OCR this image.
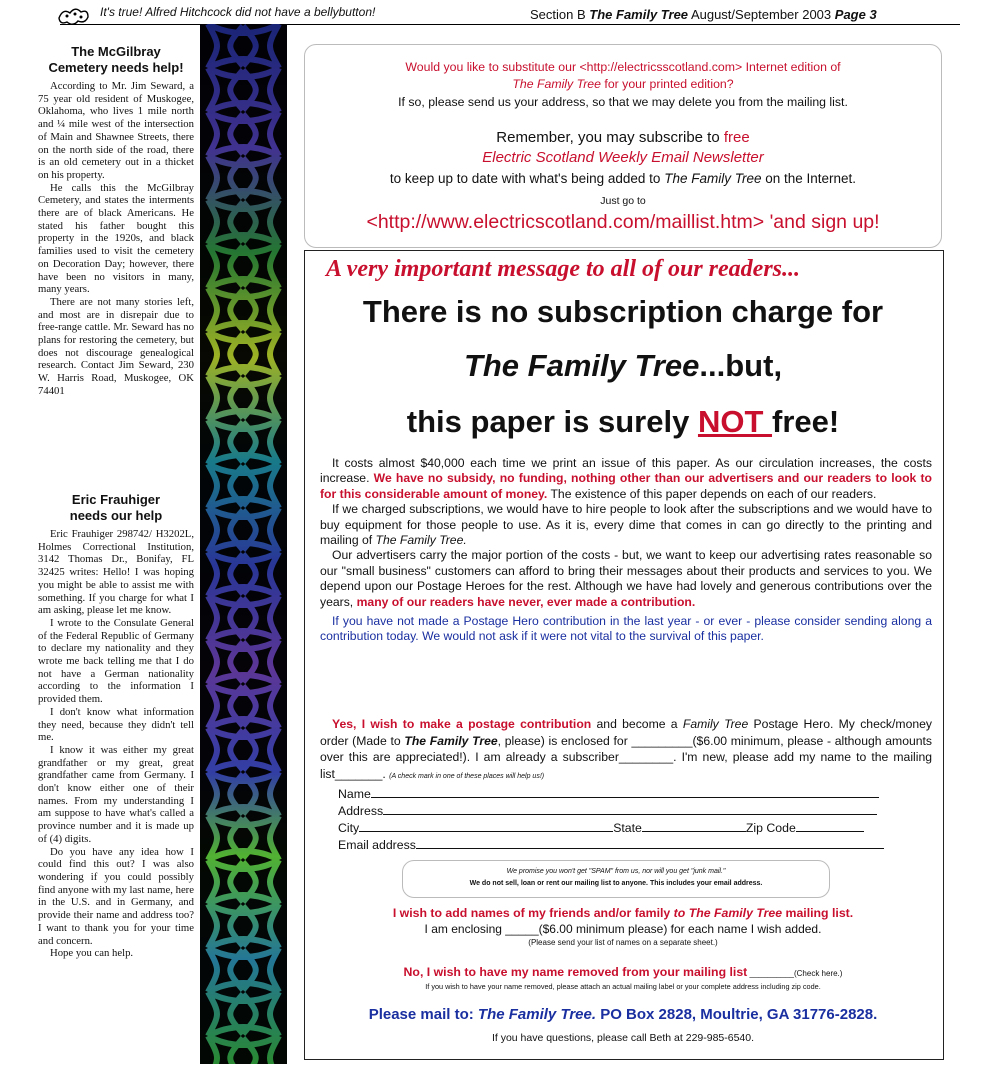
It's true! Alfred Hitchcock did not have a bellybutton!	Section B The Family Tree August/September 2003 Page 3
The McGilbray
Cemetery needs help!

According to Mr. Jim Seward, a 75 year old resident of Muskogee, Oklahoma, who lives 1 mile north and ¼ mile west of the intersection of Main and Shawnee Streets, there on the north side of the road, there is an old cemetery out in a thicket on his property.

He calls this the McGilbray Cemetery, and states the interments there are of black Americans. He stated his father bought this property in the 1920s, and black families used to visit the cemetery on Decoration Day; however, there have been no visitors in many, many years.

There are not many stories left, and most are in disrepair due to free-range cattle. Mr. Seward has no plans for restoring the cemetery, but does not discourage genealogical research. Contact Jim Seward, 230 W. Harris Road, Muskogee, OK 74401

Eric Frauhiger
needs our help

Eric Frauhiger 298742/ H3202L, Holmes Correctional Institution, 3142 Thomas Dr., Bonifay, FL 32425 writes: Hello! I was hoping you might be able to assist me with something. If you charge for what I am asking, please let me know.

I wrote to the Consulate General of the Federal Republic of Germany to declare my nationality and they wrote me back telling me that I do not have a German nationality according to the information I provided them.

I don't know what information they need, because they didn't tell me.

I know it was either my great grandfather or my great, great grandfather came from Germany. I don't know either one of their names. From my understanding I am suppose to have what's called a province number and it is made up of (4) digits.

Do you have any idea how I could find this out? I was also wondering if you could possibly find anyone with my last name, here in the U.S. and in Germany, and provide their name and address too? I want to thank you for your time and concern.

Hope you can help.

Would you like to substitute our <http://electricsscotland.com> Internet edition of
The Family Tree for your printed edition?
If so, please send us your address, so that we may delete you from the mailing list.
Remember, you may subscribe to free
Electric Scotland Weekly Email Newsletter
to keep up to date with what's being added to The Family Tree on the Internet.
Just go to
<http://www.electricscotland.com/maillist.htm> 'and sign up!
A very important message to all of our readers...
There is no subscription charge for
The Family Tree...but,
this paper is surely NOT free!

It costs almost $40,000 each time we print an issue of this paper. As our circulation increases, the costs increase. We have no subsidy, no funding, nothing other than our advertisers and our readers to look to for this considerable amount of money. The existence of this paper depends on each of our readers.

If we charged subscriptions, we would have to hire people to look after the subscriptions and we would have to buy equipment for those people to use. As it is, every dime that comes in can go directly to the printing and mailing of The Family Tree.

Our advertisers carry the major portion of the costs - but, we want to keep our advertising rates reasonable so our "small business" customers can afford to bring their messages about their products and services to you. We depend upon our Postage Heroes for the rest. Although we have had lovely and generous contributions over the years, many of our readers have never, ever made a contribution.

If you have not made a Postage Hero contribution in the last year - or ever - please consider sending along a contribution today. We would not ask if it were not vital to the survival of this paper.

Yes, I wish to make a postage contribution and become a Family Tree Postage Hero. My check/money order (Made to The Family Tree, please) is enclosed for _________($6.00 minimum, please - although amounts over this are appreciated!). I am already a subscriber________. I'm new, please add my name to the mailing list_______. (A check mark in one of these places will help us!)

Name
Address
City	State	Zip Code
Email address
We promise you won't get "SPAM" from us, nor will you get "junk mail."
We do not sell, loan or rent our mailing list to anyone. This includes your email address.
I wish to add names of my friends and/or family to The Family Tree mailing list.
I am enclosing _____($6.00 minimum please) for each name I wish added.
(Please send your list of names on a separate sheet.)
No, I wish to have my name removed from your mailing list __________(Check here.)
If you wish to have your name removed, please attach an actual mailing label or your complete address including zip code.
Please mail to: The Family Tree. PO Box 2828, Moultrie, GA 31776-2828.
If you have questions, please call Beth at 229-985-6540.
